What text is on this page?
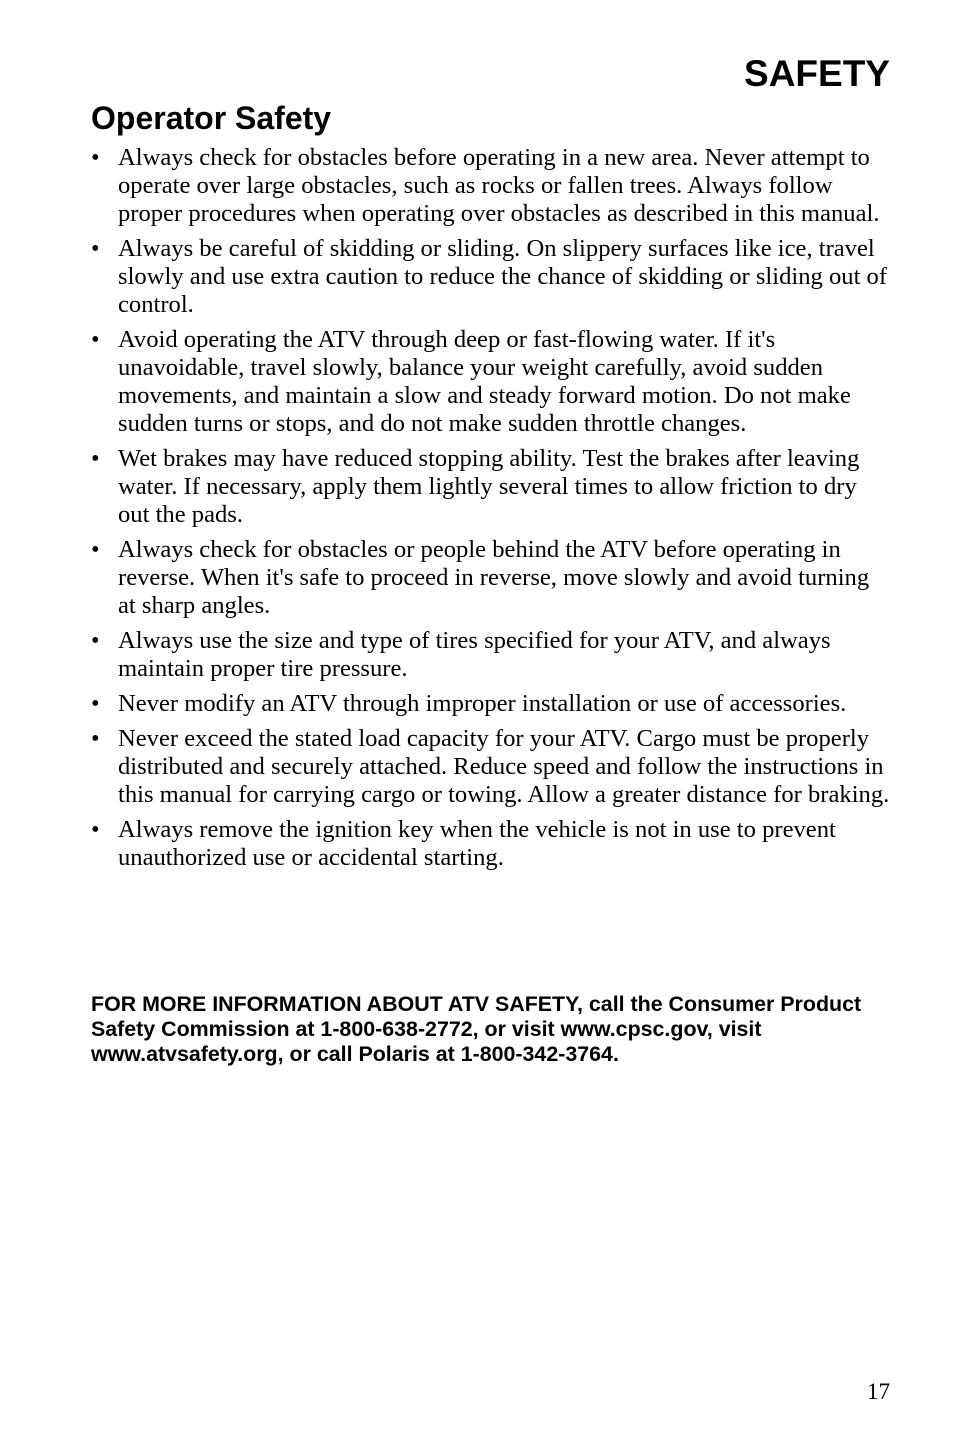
SAFETY
Operator Safety
• Always check for obstacles before operating in a new area. Never attempt to operate over large obstacles, such as rocks or fallen trees. Always follow proper procedures when operating over obstacles as described in this manual.
• Always be careful of skidding or sliding. On slippery surfaces like ice, travel slowly and use extra caution to reduce the chance of skidding or sliding out of control.
• Avoid operating the ATV through deep or fast-flowing water. If it's unavoidable, travel slowly, balance your weight carefully, avoid sudden movements, and maintain a slow and steady forward motion. Do not make sudden turns or stops, and do not make sudden throttle changes.
• Wet brakes may have reduced stopping ability. Test the brakes after leaving water. If necessary, apply them lightly several times to allow friction to dry out the pads.
• Always check for obstacles or people behind the ATV before operating in reverse. When it's safe to proceed in reverse, move slowly and avoid turning at sharp angles.
• Always use the size and type of tires specified for your ATV, and always maintain proper tire pressure.
• Never modify an ATV through improper installation or use of accessories.
• Never exceed the stated load capacity for your ATV. Cargo must be properly distributed and securely attached. Reduce speed and follow the instructions in this manual for carrying cargo or towing. Allow a greater distance for braking.
• Always remove the ignition key when the vehicle is not in use to prevent unauthorized use or accidental starting.

FOR MORE INFORMATION ABOUT ATV SAFETY, call the Consumer Product Safety Commission at 1-800-638-2772, or visit www.cpsc.gov, visit www.atvsafety.org, or call Polaris at 1-800-342-3764.

17
